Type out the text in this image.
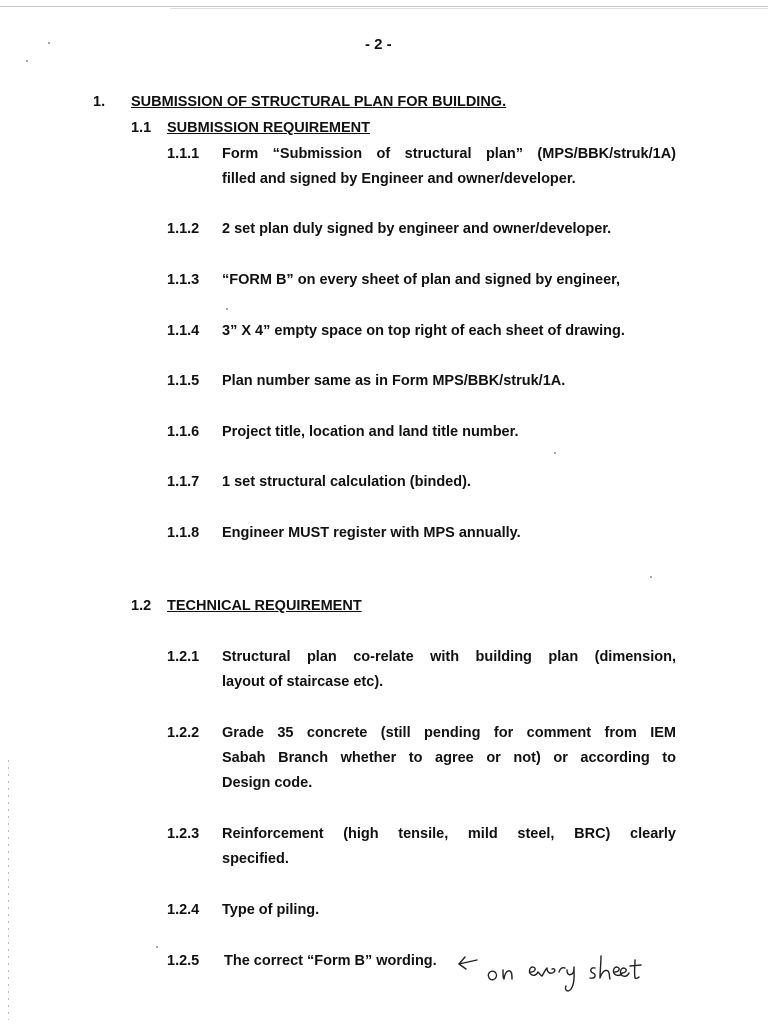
- 2 -
1. SUBMISSION OF STRUCTURAL PLAN FOR BUILDING.
1.1 SUBMISSION REQUIREMENT
1.1.1 Form “Submission of structural plan” (MPS/BBK/struk/1A)
filled and signed by Engineer and owner/developer.
1.1.2 2 set plan duly signed by engineer and owner/developer.
1.1.3 “FORM B” on every sheet of plan and signed by engineer,
1.1.4 3” X 4” empty space on top right of each sheet of drawing.
1.1.5 Plan number same as in Form MPS/BBK/struk/1A.
1.1.6 Project title, location and land title number.
1.1.7 1 set structural calculation (binded).
1.1.8 Engineer MUST register with MPS annually.
1.2 TECHNICAL REQUIREMENT
1.2.1 Structural plan co-relate with building plan (dimension,
layout of staircase etc).
1.2.2 Grade 35 concrete (still pending for comment from IEM
Sabah Branch whether to agree or not) or according to
Design code.
1.2.3 Reinforcement (high tensile, mild steel, BRC) clearly
specified.
1.2.4 Type of piling.
1.2.5 The correct “Form B” wording.
